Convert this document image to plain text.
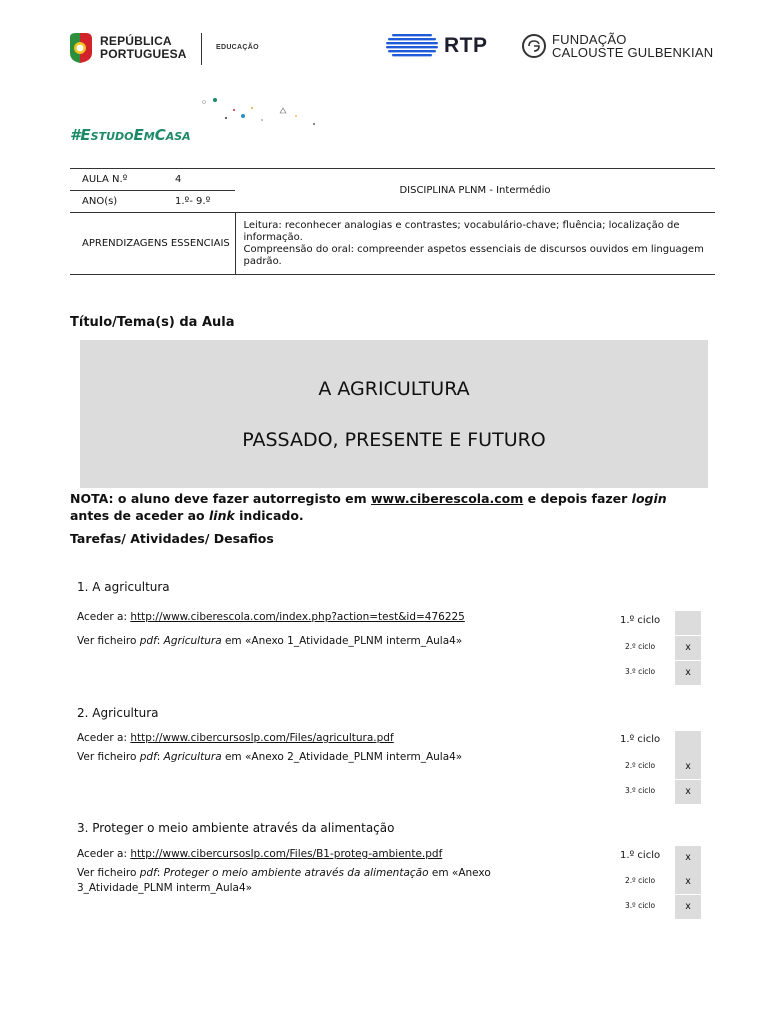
REPÚBLICA
PORTUGUESA	EDUCAÇÃO	RTP	FUNDAÇÃO
CALOUSTE GULBENKIAN
#EstudoEmCasa
AULA N.º	4	DISCIPLINA PLNM - Intermédio
ANO(s)	1.º- 9.º	
APRENDIZAGENS ESSENCIAIS		Leitura: reconhecer analogias e contrastes; vocabulário-chave; fluência; localização de informação.
Compreensão do oral: compreender aspetos essenciais de discursos ouvidos em linguagem padrão.
Título/Tema(s) da Aula
A AGRICULTURA
PASSADO, PRESENTE E FUTURO
NOTA: o aluno deve fazer autorregisto em www.ciberescola.com e depois fazer login antes de aceder ao link indicado.
Tarefas/ Atividades/ Desafios
1. A agricultura
Aceder a: http://www.ciberescola.com/index.php?action=test&id=476225
Ver ficheiro pdf: Agricultura em «Anexo 1_Atividade_PLNM interm_Aula4»
1.º ciclo
2.º ciclo	x
3.º ciclo	x
2. Agricultura
Aceder a: http://www.cibercursoslp.com/Files/agricultura.pdf
Ver ficheiro pdf: Agricultura em «Anexo 2_Atividade_PLNM interm_Aula4»
1.º ciclo
2.º ciclo	x
3.º ciclo	x
3. Proteger o meio ambiente através da alimentação
Aceder a: http://www.cibercursoslp.com/Files/B1-proteg-ambiente.pdf
Ver ficheiro pdf: Proteger o meio ambiente através da alimentação em «Anexo 3_Atividade_PLNM interm_Aula4»
1.º ciclo	x
2.º ciclo	x
3.º ciclo	x
